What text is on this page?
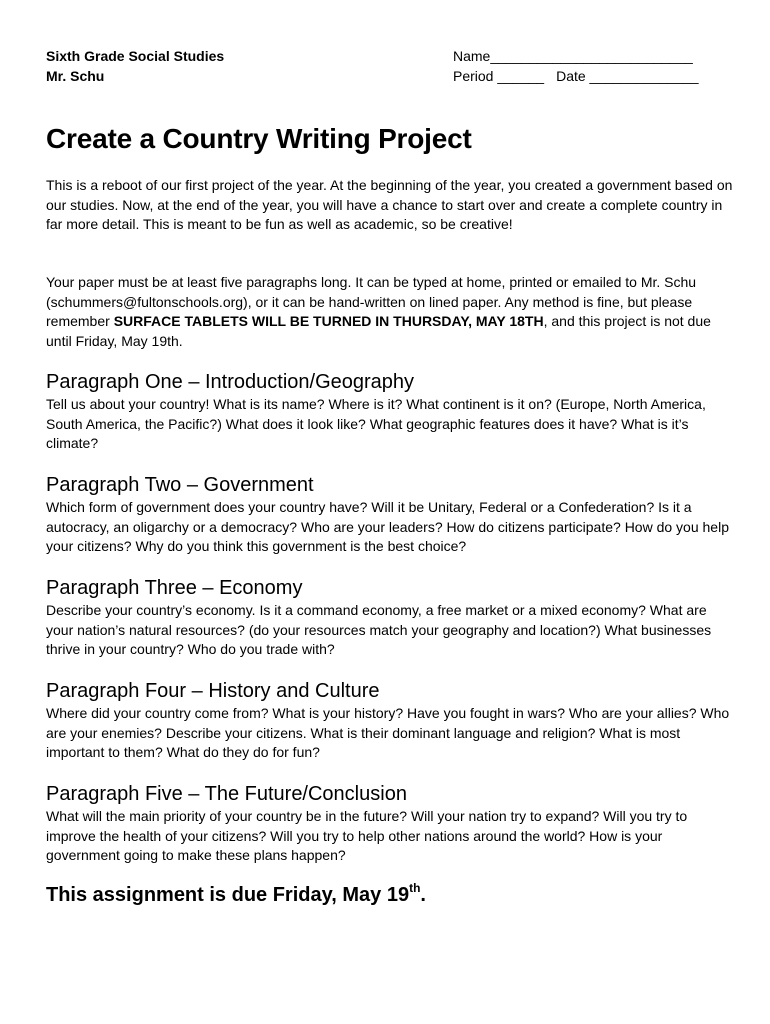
Sixth Grade Social Studies
Mr. Schu
Name__________________________
Period ______ Date ______________
Create a Country Writing Project

This is a reboot of our first project of the year. At the beginning of the year, you created a government based on our studies. Now, at the end of the year, you will have a chance to start over and create a complete country in far more detail. This is meant to be fun as well as academic, so be creative!

Your paper must be at least five paragraphs long. It can be typed at home, printed or emailed to Mr. Schu (schummers@fultonschools.org), or it can be hand-written on lined paper. Any method is fine, but please remember SURFACE TABLETS WILL BE TURNED IN THURSDAY, MAY 18TH, and this project is not due until Friday, May 19th.

Paragraph One – Introduction/Geography

Tell us about your country! What is its name? Where is it? What continent is it on? (Europe, North America, South America, the Pacific?) What does it look like? What geographic features does it have? What is it’s climate?

Paragraph Two – Government

Which form of government does your country have? Will it be Unitary, Federal or a Confederation? Is it a autocracy, an oligarchy or a democracy? Who are your leaders? How do citizens participate? How do you help your citizens? Why do you think this government is the best choice?

Paragraph Three – Economy

Describe your country’s economy. Is it a command economy, a free market or a mixed economy? What are your nation’s natural resources? (do your resources match your geography and location?) What businesses thrive in your country? Who do you trade with?

Paragraph Four – History and Culture

Where did your country come from? What is your history? Have you fought in wars? Who are your allies? Who are your enemies? Describe your citizens. What is their dominant language and religion? What is most important to them? What do they do for fun?

Paragraph Five – The Future/Conclusion

What will the main priority of your country be in the future? Will your nation try to expand? Will you try to improve the health of your citizens? Will you try to help other nations around the world? How is your government going to make these plans happen?

This assignment is due Friday, May 19th.
